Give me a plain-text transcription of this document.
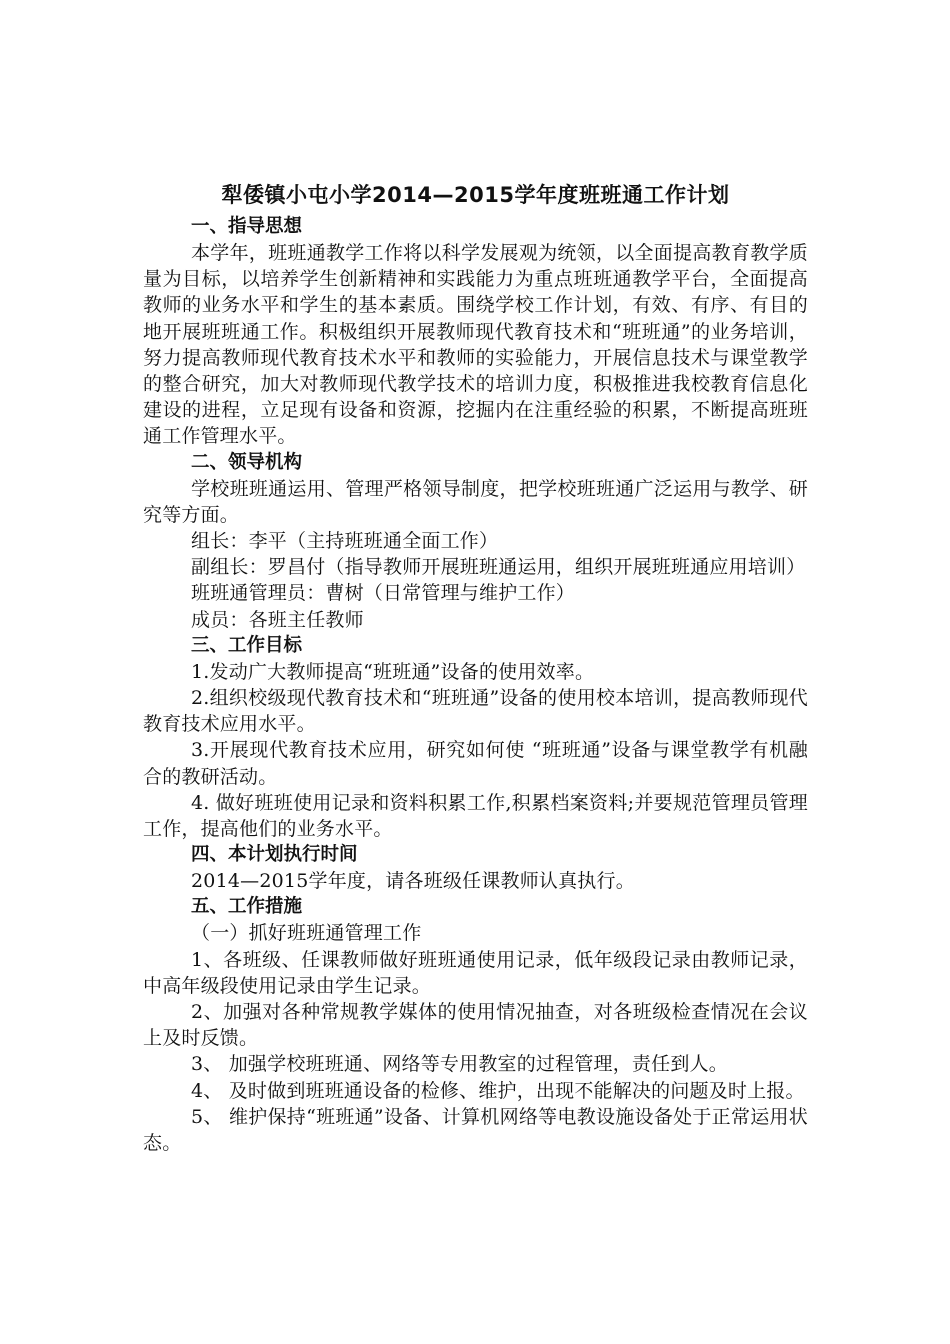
犁倭镇小屯小学2014—2015学年度班班通工作计划

一、指导思想

本学年，班班通教学工作将以科学发展观为统领，以全面提高教育教学质量为目标，以培养学生创新精神和实践能力为重点班班通教学平台，全面提高教师的业务水平和学生的基本素质。围绕学校工作计划，有效、有序、有目的地开展班班通工作。积极组织开展教师现代教育技术和“班班通”的业务培训，努力提高教师现代教育技术水平和教师的实验能力，开展信息技术与课堂教学的整合研究，加大对教师现代教学技术的培训力度，积极推进我校教育信息化建设的进程，立足现有设备和资源，挖掘内在注重经验的积累，不断提高班班通工作管理水平。

二、领导机构

学校班班通运用、管理严格领导制度，把学校班班通广泛运用与教学、研究等方面。

组长：李平（主持班班通全面工作）

副组长：罗昌付（指导教师开展班班通运用，组织开展班班通应用培训）

班班通管理员：曹树（日常管理与维护工作）

成员：各班主任教师

三、工作目标

1.发动广大教师提高“班班通”设备的使用效率。

2.组织校级现代教育技术和“班班通”设备的使用校本培训，提高教师现代教育技术应用水平。

3.开展现代教育技术应用，研究如何使 “班班通”设备与课堂教学有机融合的教研活动。

4. 做好班班使用记录和资料积累工作,积累档案资料;并要规范管理员管理工作，提高他们的业务水平。

四、本计划执行时间

2014—2015学年度，请各班级任课教师认真执行。

五、工作措施

（一）抓好班班通管理工作

1、各班级、任课教师做好班班通使用记录，低年级段记录由教师记录，中高年级段使用记录由学生记录。

2、加强对各种常规教学媒体的使用情况抽查，对各班级检查情况在会议上及时反馈。

3、 加强学校班班通、网络等专用教室的过程管理，责任到人。

4、 及时做到班班通设备的检修、维护，出现不能解决的问题及时上报。

5、 维护保持“班班通”设备、计算机网络等电教设施设备处于正常运用状态。
